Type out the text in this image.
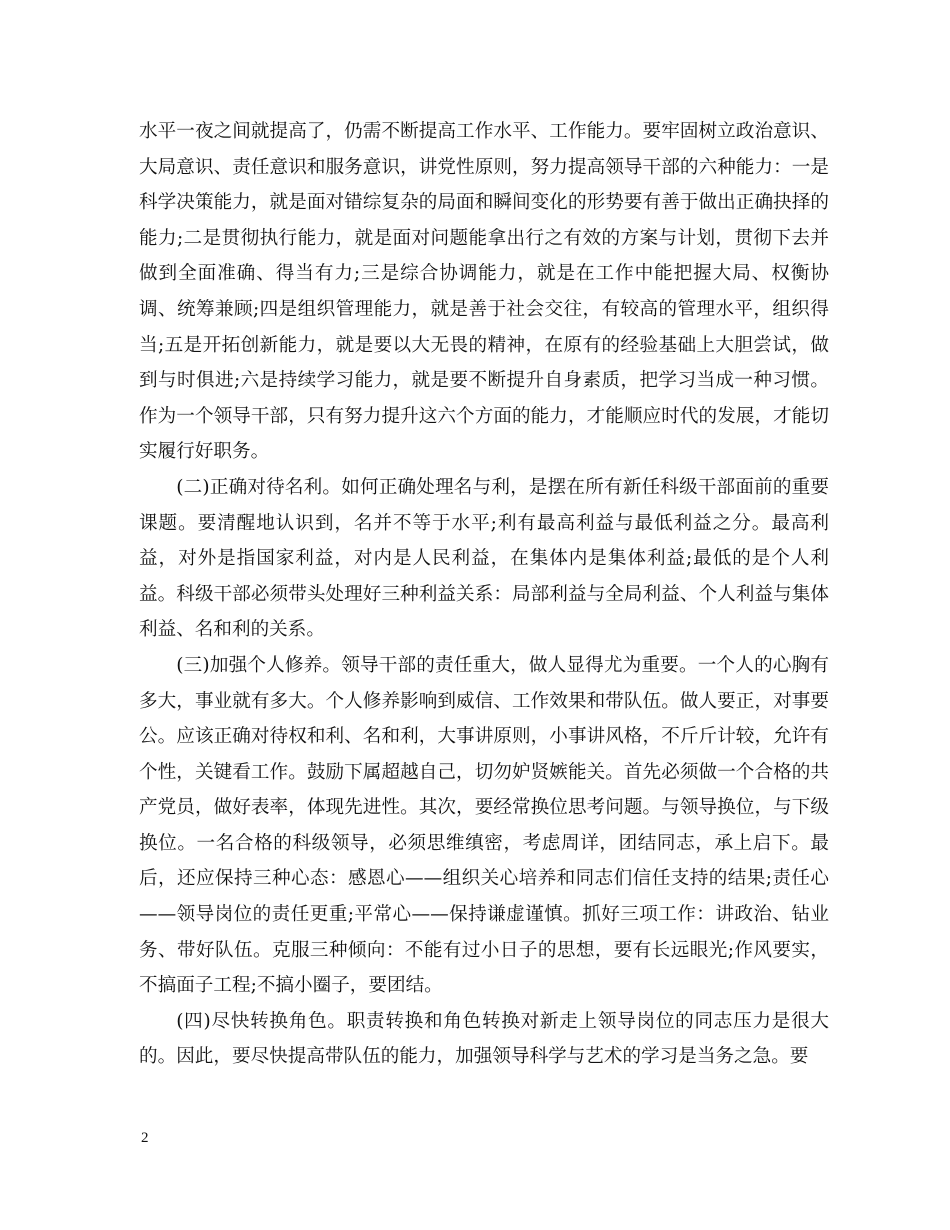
水平一夜之间就提高了，仍需不断提高工作水平、工作能力。要牢固树立政治意识、大局意识、责任意识和服务意识，讲党性原则，努力提高领导干部的六种能力：一是科学决策能力，就是面对错综复杂的局面和瞬间变化的形势要有善于做出正确抉择的能力;二是贯彻执行能力，就是面对问题能拿出行之有效的方案与计划，贯彻下去并做到全面准确、得当有力;三是综合协调能力，就是在工作中能把握大局、权衡协调、统筹兼顾;四是组织管理能力，就是善于社会交往，有较高的管理水平，组织得当;五是开拓创新能力，就是要以大无畏的精神，在原有的经验基础上大胆尝试，做到与时俱进;六是持续学习能力，就是要不断提升自身素质，把学习当成一种习惯。作为一个领导干部，只有努力提升这六个方面的能力，才能顺应时代的发展，才能切实履行好职务。

(二)正确对待名利。如何正确处理名与利，是摆在所有新任科级干部面前的重要课题。要清醒地认识到，名并不等于水平;利有最高利益与最低利益之分。最高利益，对外是指国家利益，对内是人民利益，在集体内是集体利益;最低的是个人利益。科级干部必须带头处理好三种利益关系：局部利益与全局利益、个人利益与集体利益、名和利的关系。

(三)加强个人修养。领导干部的责任重大，做人显得尤为重要。一个人的心胸有多大，事业就有多大。个人修养影响到威信、工作效果和带队伍。做人要正，对事要公。应该正确对待权和利、名和利，大事讲原则，小事讲风格，不斤斤计较，允许有个性，关键看工作。鼓励下属超越自己，切勿妒贤嫉能关。首先必须做一个合格的共产党员，做好表率，体现先进性。其次，要经常换位思考问题。与领导换位，与下级换位。一名合格的科级领导，必须思维缜密，考虑周详，团结同志，承上启下。最后，还应保持三种心态：感恩心——组织关心培养和同志们信任支持的结果;责任心——领导岗位的责任更重;平常心——保持谦虚谨慎。抓好三项工作：讲政治、钻业务、带好队伍。克服三种倾向：不能有过小日子的思想，要有长远眼光;作风要实，不搞面子工程;不搞小圈子，要团结。

(四)尽快转换角色。职责转换和角色转换对新走上领导岗位的同志压力是很大的。因此，要尽快提高带队伍的能力，加强领导科学与艺术的学习是当务之急。要

2
